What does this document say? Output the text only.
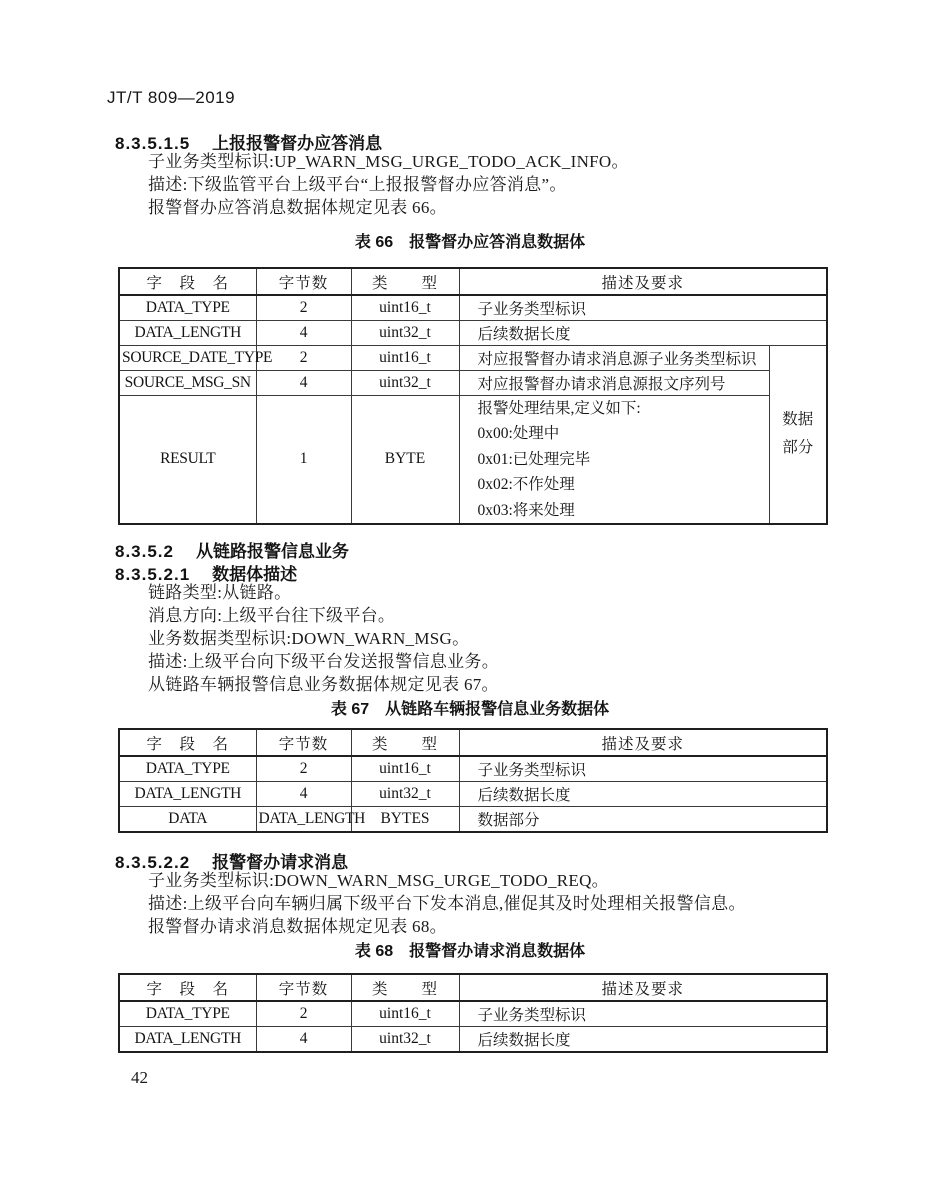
JT/T 809—2019
8.3.5.1.5 上报报警督办应答消息
子业务类型标识:UP_WARN_MSG_URGE_TODO_ACK_INFO。
描述:下级监管平台上级平台“上报报警督办应答消息”。
报警督办应答消息数据体规定见表 66。
表 66　报警督办应答消息数据体
字　段　名	字节数	类　　型	描述及要求	
DATA_TYPE	2	uint16_t	子业务类型标识	
DATA_LENGTH	4	uint32_t	后续数据长度	
SOURCE_DATE_TYPE	2	uint16_t	对应报警督办请求消息源子业务类型标识	数据部分
SOURCE_MSG_SN	4	uint32_t	对应报警督办请求消息源报文序列号	
RESULT	1	BYTE	报警处理结果,定义如下:
0x00:处理中
0x01:已处理完毕
0x02:不作处理
0x03:将来处理	
8.3.5.2 从链路报警信息业务
8.3.5.2.1 数据体描述
链路类型:从链路。
消息方向:上级平台往下级平台。
业务数据类型标识:DOWN_WARN_MSG。
描述:上级平台向下级平台发送报警信息业务。
从链路车辆报警信息业务数据体规定见表 67。
表 67　从链路车辆报警信息业务数据体
字　段　名	字节数	类　　型	描述及要求
DATA_TYPE	2	uint16_t	子业务类型标识
DATA_LENGTH	4	uint32_t	后续数据长度
DATA	DATA_LENGTH	BYTES	数据部分
8.3.5.2.2 报警督办请求消息
子业务类型标识:DOWN_WARN_MSG_URGE_TODO_REQ。
描述:上级平台向车辆归属下级平台下发本消息,催促其及时处理相关报警信息。
报警督办请求消息数据体规定见表 68。
表 68　报警督办请求消息数据体
字　段　名	字节数	类　　型	描述及要求
DATA_TYPE	2	uint16_t	子业务类型标识
DATA_LENGTH	4	uint32_t	后续数据长度
42
